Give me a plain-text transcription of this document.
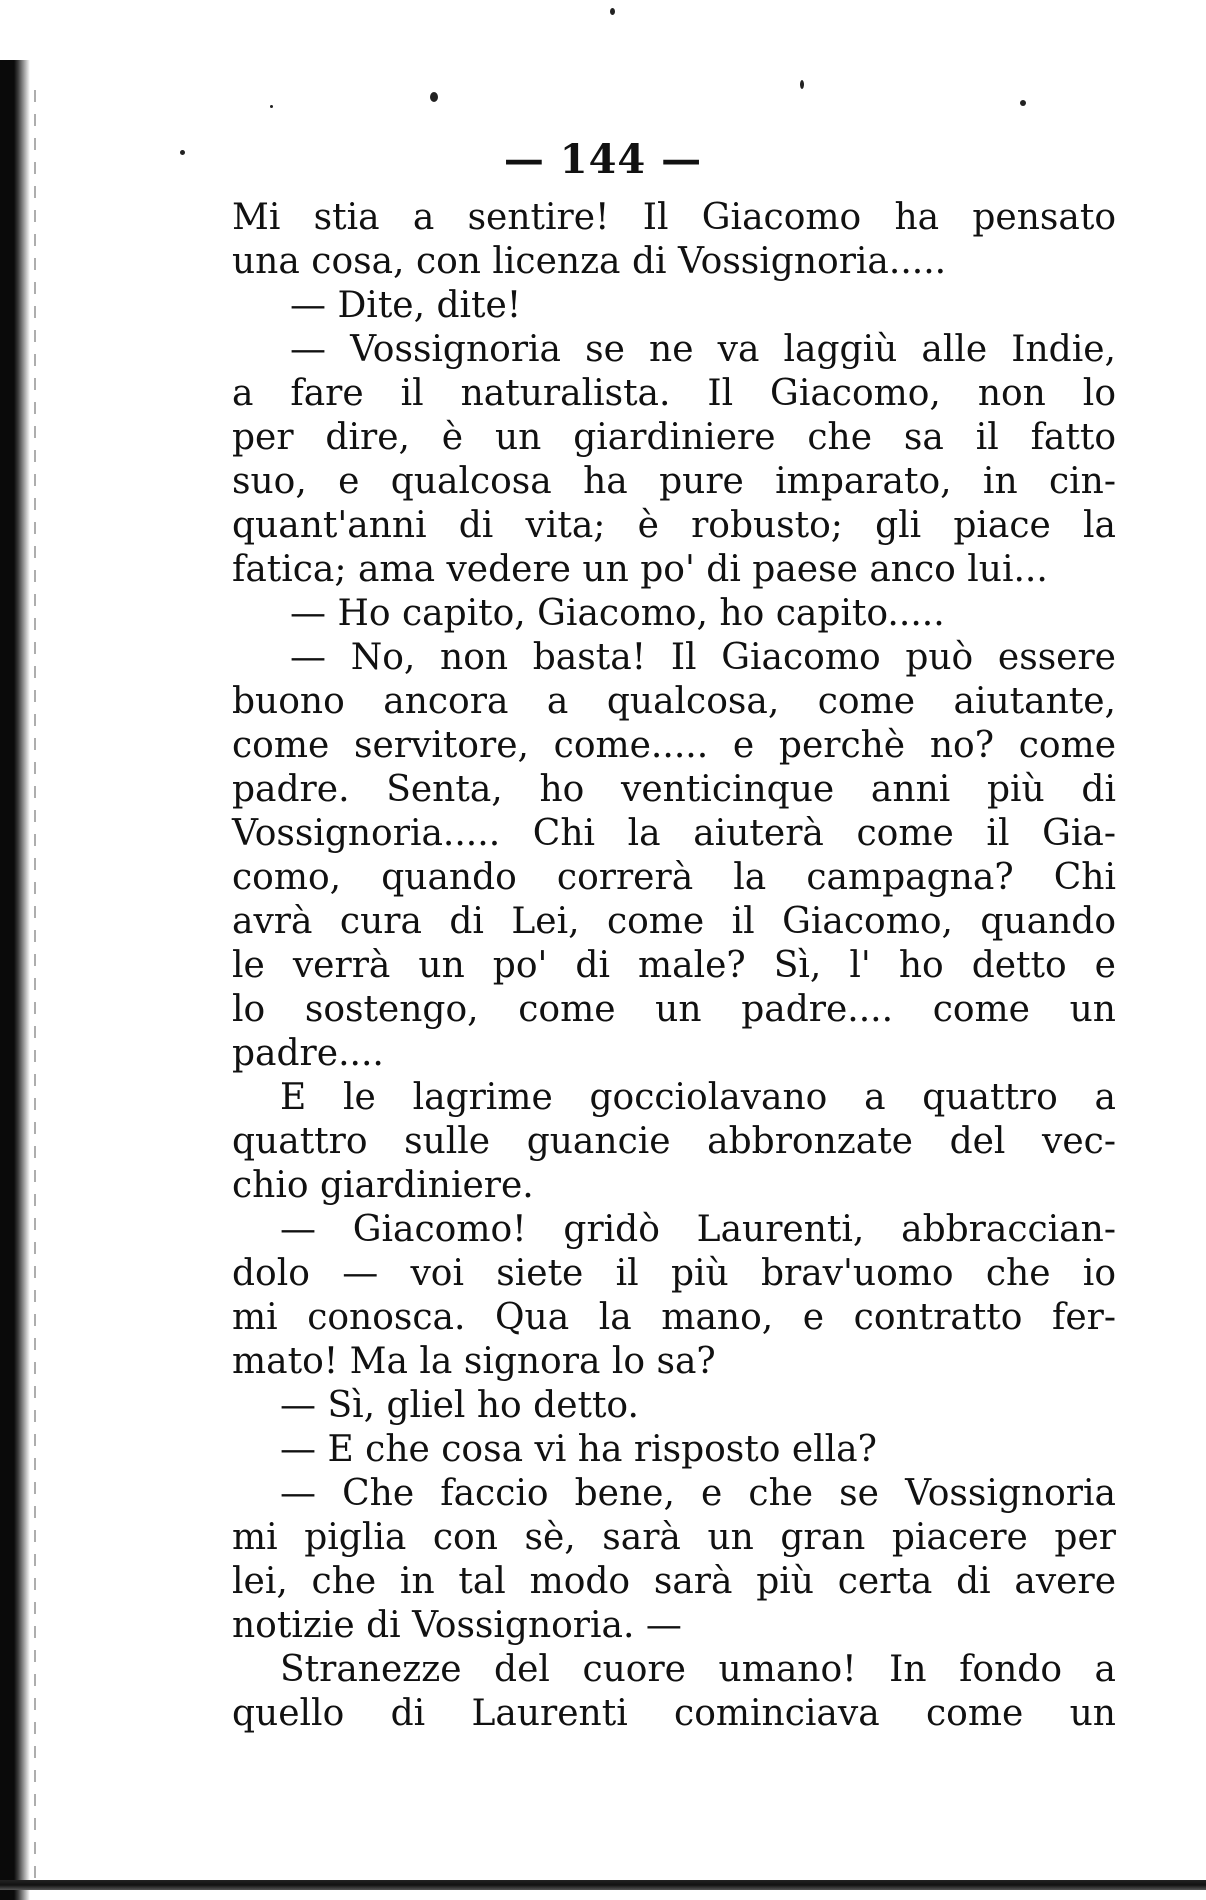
— 144 —
Mi stia a sentire! Il Giacomo ha pensato
una cosa, con licenza di Vossignoria.....
— Dite, dite!
— Vossignoria se ne va laggiù alle Indie,
a fare il naturalista. Il Giacomo, non lo
per dire, è un giardiniere che sa il fatto
suo, e qualcosa ha pure imparato, in cin-
quant'anni di vita; è robusto; gli piace la
fatica; ama vedere un po' di paese anco lui...
— Ho capito, Giacomo, ho capito.....
— No, non basta! Il Giacomo può essere
buono ancora a qualcosa, come aiutante,
come servitore, come..... e perchè no? come
padre. Senta, ho venticinque anni più di
Vossignoria..... Chi la aiuterà come il Gia-
como, quando correrà la campagna? Chi
avrà cura di Lei, come il Giacomo, quando
le verrà un po' di male? Sì, l' ho detto e
lo sostengo, come un padre.... come un
padre....
E le lagrime gocciolavano a quattro a
quattro sulle guancie abbronzate del vec-
chio giardiniere.
— Giacomo! gridò Laurenti, abbraccian-
dolo — voi siete il più brav'uomo che io
mi conosca. Qua la mano, e contratto fer-
mato! Ma la signora lo sa?
— Sì, gliel ho detto.
— E che cosa vi ha risposto ella?
— Che faccio bene, e che se Vossignoria
mi piglia con sè, sarà un gran piacere per
lei, che in tal modo sarà più certa di avere
notizie di Vossignoria. —
Stranezze del cuore umano! In fondo a
quello di Laurenti cominciava come un
